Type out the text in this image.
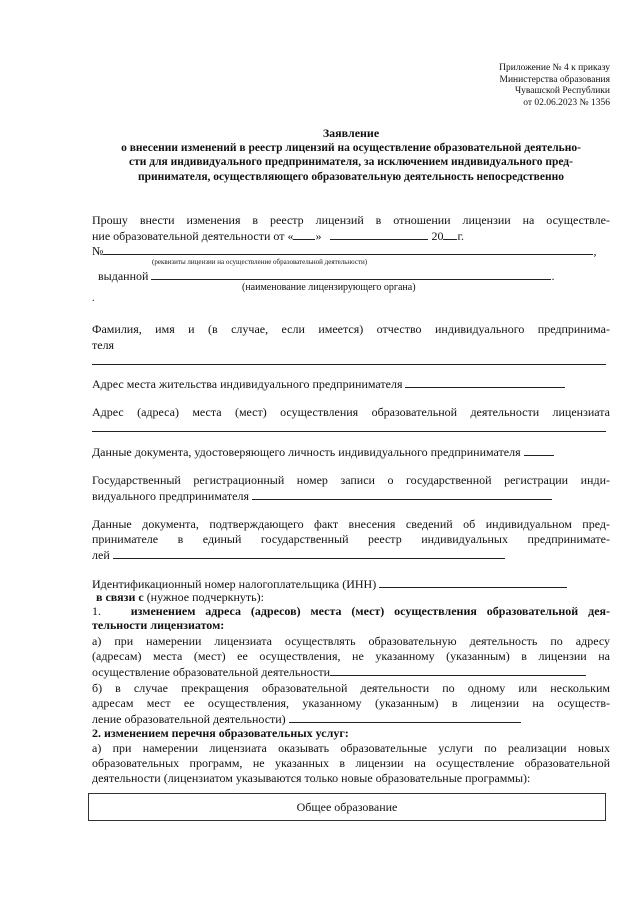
Приложение № 4 к приказу
Министерства образования
Чувашской Республики
от 02.06.2023 № 1356
Заявление
о внесении изменений в реестр лицензий на осуществление образовательной деятельно-
сти для индивидуального предпринимателя, за исключением индивидуального пред-
принимателя, осуществляющего образовательную деятельность непосредственно
Прошу внести изменения в реестр лицензий в отношении лицензии на осуществле-
ние образовательной деятельности от « »	20 г.
№	,
(реквизиты лицензии на осуществление образовательной деятельности)
выданной	.
(наименование лицензирующего органа)
.
Фамилия, имя и (в случае, если имеется) отчество индивидуального предпринима-
теля
Адрес места жительства индивидуального предпринимателя
Адрес (адреса) места (мест) осуществления образовательной деятельности лицензиата
Данные документа, удостоверяющего личность индивидуального предпринимателя
Государственный регистрационный номер записи о государственной регистрации инди-
видуального предпринимателя
Данные документа, подтверждающего факт внесения сведений об индивидуальном пред-
принимателе в единый государственный реестр индивидуальных предпринимате-
лей
Идентификационный номер налогоплательщика (ИНН)
в связи с (нужное подчеркнуть):
1. изменением адреса (адресов) места (мест) осуществления образовательной дея-
тельности лицензиатом:
а) при намерении лицензиата осуществлять образовательную деятельность по адресу
(адресам) места (мест) ее осуществления, не указанному (указанным) в лицензии на
осуществление образовательной деятельности
б) в случае прекращения образовательной деятельности по одному или нескольким
адресам мест ее осуществления, указанному (указанным) в лицензии на осуществ-
ление образовательной деятельности)
2. изменением перечня образовательных услуг:
а) при намерении лицензиата оказывать образовательные услуги по реализации новых
образовательных программ, не указанных в лицензии на осуществление образовательной
деятельности (лицензиатом указываются только новые образовательные программы):
Общее образование
